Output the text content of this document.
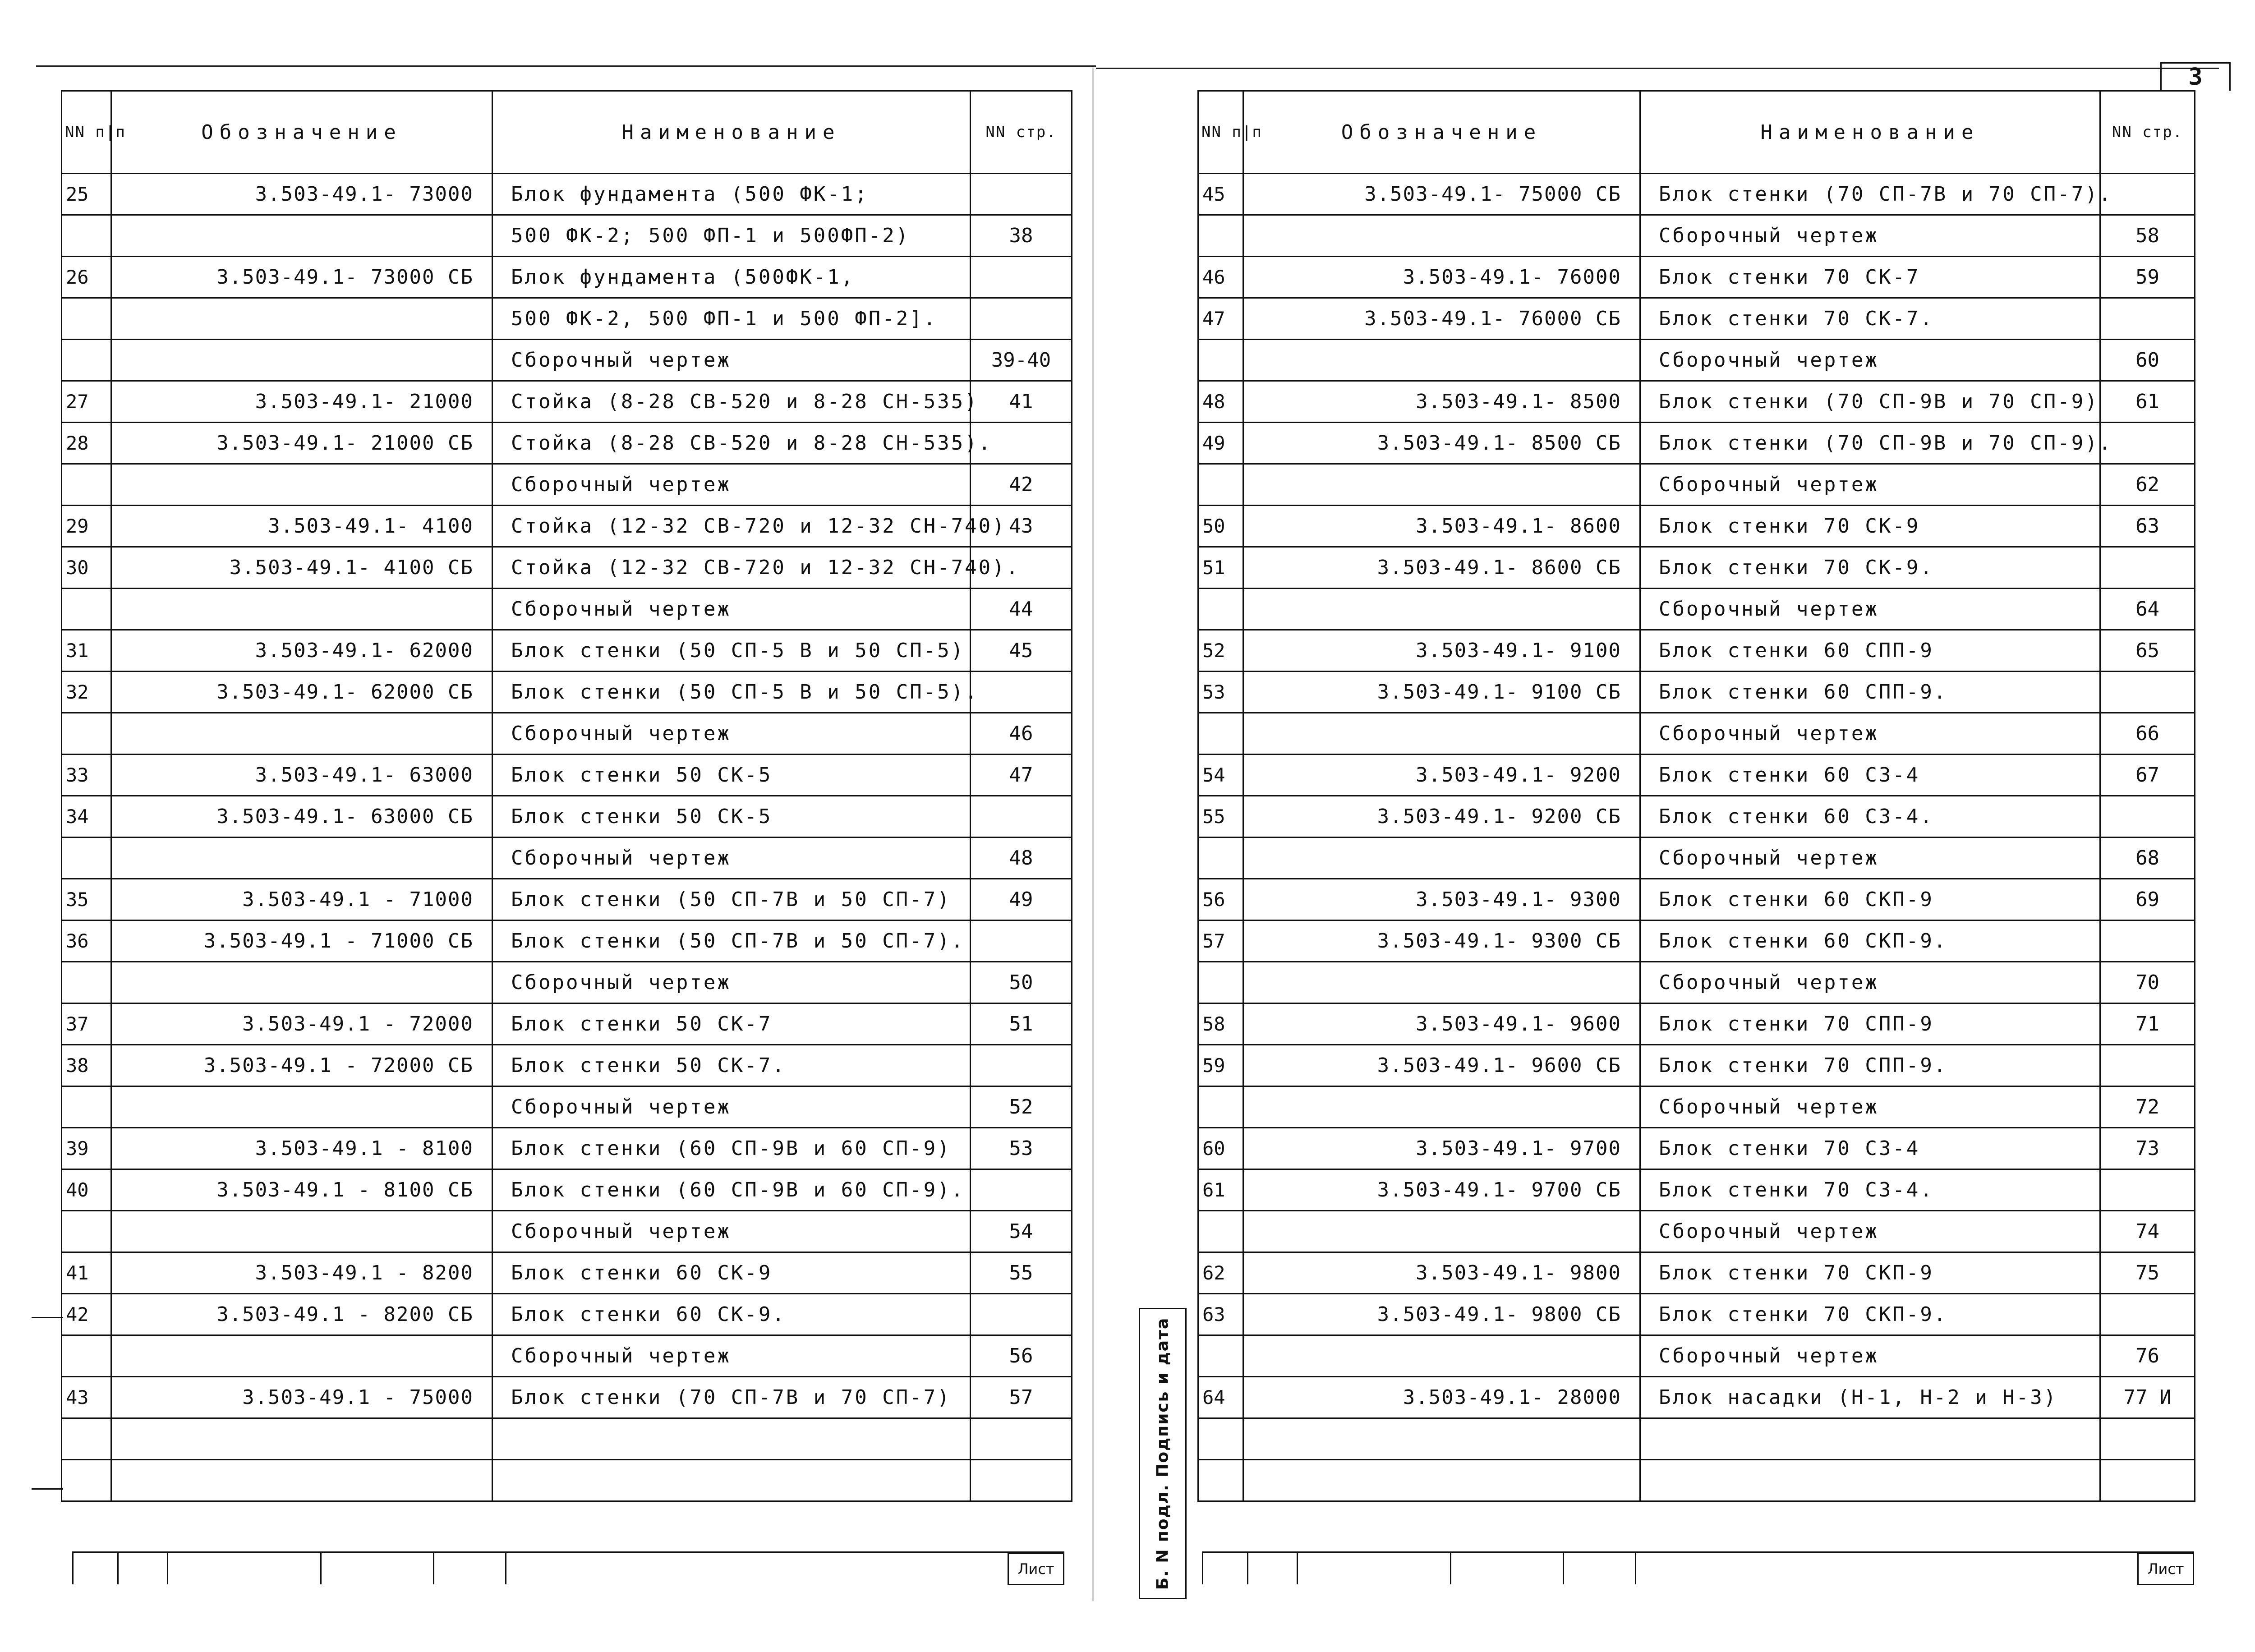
3
NN п|п	Обозначение	Наименование	NN стр.
25	3.503-49.1- 73000	Блок фундамента (500 ФК-1;	
		500 ФК-2; 500 ФП-1 и 500ФП-2)	38
26	3.503-49.1- 73000 СБ	Блок фундамента (500ФК-1,	
		500 ФК-2, 500 ФП-1 и 500 ФП-2].	
		Сборочный чертеж	39-40
27	3.503-49.1- 21000	Стойка (8-28 СВ-520 и 8-28 СН-535)	41
28	3.503-49.1- 21000 СБ	Стойка (8-28 СВ-520 и 8-28 СН-535).	
		Сборочный чертеж	42
29	3.503-49.1- 4100	Стойка (12-32 СВ-720 и 12-32 СН-740)	43
30	3.503-49.1- 4100 СБ	Стойка (12-32 СВ-720 и 12-32 СН-740).	
		Сборочный чертеж	44
31	3.503-49.1- 62000	Блок стенки (50 СП-5 В и 50 СП-5)	45
32	3.503-49.1- 62000 СБ	Блок стенки (50 СП-5 В и 50 СП-5).	
		Сборочный чертеж	46
33	3.503-49.1- 63000	Блок стенки 50 СК-5	47
34	3.503-49.1- 63000 СБ	Блок стенки 50 СК-5	
		Сборочный чертеж	48
35	3.503-49.1 - 71000	Блок стенки (50 СП-7В и 50 СП-7)	49
36	3.503-49.1 - 71000 СБ	Блок стенки (50 СП-7В и 50 СП-7).	
		Сборочный чертеж	50
37	3.503-49.1 - 72000	Блок стенки 50 СК-7	51
38	3.503-49.1 - 72000 СБ	Блок стенки 50 СК-7.	
		Сборочный чертеж	52
39	3.503-49.1 - 8100	Блок стенки (60 СП-9В и 60 СП-9)	53
40	3.503-49.1 - 8100 СБ	Блок стенки (60 СП-9В и 60 СП-9).	
		Сборочный чертеж	54
41	3.503-49.1 - 8200	Блок стенки 60 СК-9	55
42	3.503-49.1 - 8200 СБ	Блок стенки 60 СК-9.	
		Сборочный чертеж	56
43	3.503-49.1 - 75000	Блок стенки (70 СП-7В и 70 СП-7)	57

NN п|п	Обозначение	Наименование	NN стр.
45	3.503-49.1- 75000 СБ	Блок стенки (70 СП-7В и 70 СП-7).	
		Сборочный чертеж	58
46	3.503-49.1- 76000	Блок стенки 70 СК-7	59
47	3.503-49.1- 76000 СБ	Блок стенки 70 СК-7.	
		Сборочный чертеж	60
48	3.503-49.1- 8500	Блок стенки (70 СП-9В и 70 СП-9)	61
49	3.503-49.1- 8500 СБ	Блок стенки (70 СП-9В и 70 СП-9).	
		Сборочный чертеж	62
50	3.503-49.1- 8600	Блок стенки 70 СК-9	63
51	3.503-49.1- 8600 СБ	Блок стенки 70 СК-9.	
		Сборочный чертеж	64
52	3.503-49.1- 9100	Блок стенки 60 СПП-9	65
53	3.503-49.1- 9100 СБ	Блок стенки 60 СПП-9.	
		Сборочный чертеж	66
54	3.503-49.1- 9200	Блок стенки 60 СЗ-4	67
55	3.503-49.1- 9200 СБ	Блок стенки 60 СЗ-4.	
		Сборочный чертеж	68
56	3.503-49.1- 9300	Блок стенки 60 СКП-9	69
57	3.503-49.1- 9300 СБ	Блок стенки 60 СКП-9.	
		Сборочный чертеж	70
58	3.503-49.1- 9600	Блок стенки 70 СПП-9	71
59	3.503-49.1- 9600 СБ	Блок стенки 70 СПП-9.	
		Сборочный чертеж	72
60	3.503-49.1- 9700	Блок стенки 70 СЗ-4	73
61	3.503-49.1- 9700 СБ	Блок стенки 70 СЗ-4.	
		Сборочный чертеж	74
62	3.503-49.1- 9800	Блок стенки 70 СКП-9	75
63	3.503-49.1- 9800 СБ	Блок стенки 70 СКП-9.	
		Сборочный чертеж	76
64	3.503-49.1- 28000	Блок насадки (Н-1, Н-2 и Н-3)	77 И

Лист	Лист
Б. N подл. Подпись и дата
